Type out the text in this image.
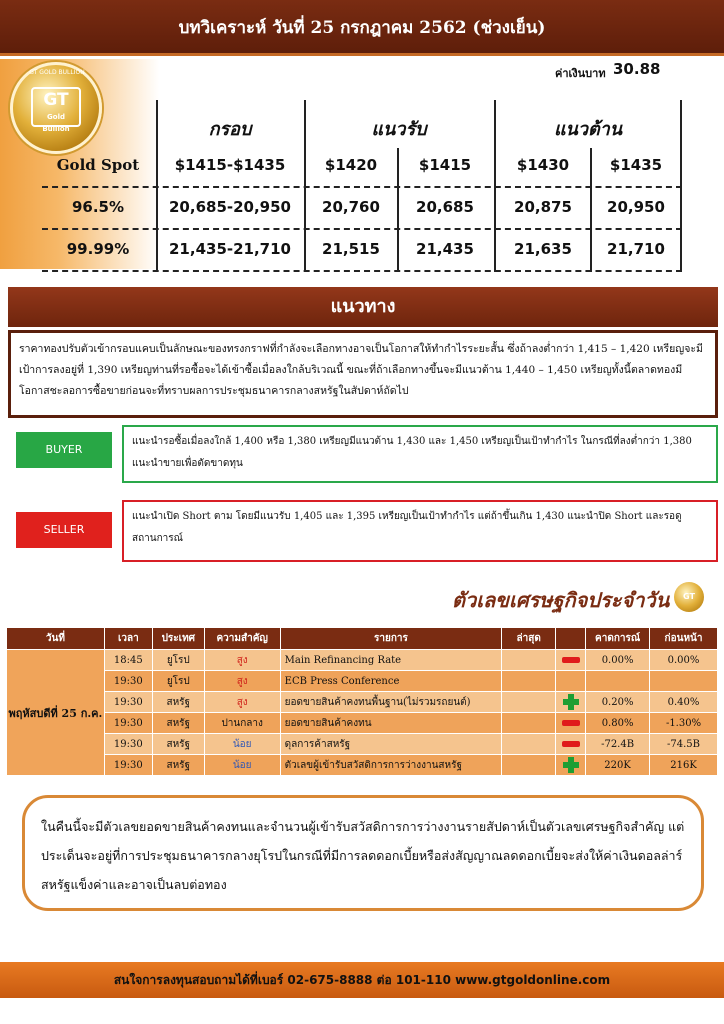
บทวิเคราะห์ วันที่ 25 กรกฎาคม 2562 (ช่วงเย็น)
GT GOLD BULLION
GT
Gold Bullion
ค่าเงินบาท 30.88
กรอบ	แนวรับ	แนวต้าน
Gold Spot	$1415-$1435	$1420	$1415	$1430	$1435
96.5%	20,685-20,950	20,760	20,685	20,875	20,950
99.99%	21,435-21,710	21,515	21,435	21,635	21,710
แนวทาง
ราคาทองปรับตัวเข้ากรอบแคบเป็นลักษณะของทรงกราฟที่กำลังจะเลือกทางอาจเป็นโอกาสให้ทำกำไรระยะสั้น ซึ่งถ้าลงต่ำกว่า 1,415 – 1,420 เหรียญจะมีเป้าการลงอยู่ที่ 1,390 เหรียญท่านที่รอซื้อจะได้เข้าซื้อเมื่อลงใกล้บริเวณนี้ ขณะที่ถ้าเลือกทางขึ้นจะมีแนวต้าน 1,440 – 1,450 เหรียญทั้งนี้ตลาดทองมีโอกาสชะลอการซื้อขายก่อนจะที่ทราบผลการประชุมธนาคารกลางสหรัฐในสัปดาห์ถัดไป
BUYER
แนะนำรอซื้อเมื่อลงใกล้ 1,400 หรือ 1,380 เหรียญมีแนวต้าน 1,430 และ 1,450 เหรียญเป็นเป้าทำกำไร ในกรณีที่ลงต่ำกว่า 1,380 แนะนำขายเพื่อตัดขาดทุน
SELLER
แนะนำเปิด Short ตาม โดยมีแนวรับ 1,405 และ 1,395 เหรียญเป็นเป้าทำกำไร แต่ถ้าขึ้นเกิน 1,430 แนะนำปิด Short และรอดูสถานการณ์
ตัวเลขเศรษฐกิจประจำวัน	GT
วันที่	เวลา	ประเทศ	ความสำคัญ	รายการ	ล่าสุด		คาดการณ์	ก่อนหน้า
พฤหัสบดีที่ 25 ก.ค.	18:45	ยูโรป	สูง	Main Refinancing Rate			0.00%	0.00%
	19:30	ยูโรป	สูง	ECB Press Conference				
	19:30	สหรัฐ	สูง	ยอดขายสินค้าคงทนพื้นฐาน(ไม่รวมรถยนต์)			0.20%	0.40%
	19:30	สหรัฐ	ปานกลาง	ยอดขายสินค้าคงทน			0.80%	-1.30%
	19:30	สหรัฐ	น้อย	ดุลการค้าสหรัฐ			-72.4B	-74.5B
	19:30	สหรัฐ	น้อย	ตัวเลขผู้เข้ารับสวัสดิการการว่างงานสหรัฐ			220K	216K
ในคืนนี้จะมีตัวเลขยอดขายสินค้าคงทนและจำนวนผู้เข้ารับสวัสดิการการว่างงานรายสัปดาห์เป็นตัวเลขเศรษฐกิจสำคัญ แต่ประเด็นจะอยู่ที่การประชุมธนาคารกลางยุโรปในกรณีที่มีการลดดอกเบี้ยหรือส่งสัญญาณลดดอกเบี้ยจะส่งให้ค่าเงินดอลล่าร์สหรัฐแข็งค่าและอาจเป็นลบต่อทอง
สนใจการลงทุนสอบถามได้ที่เบอร์ 02-675-8888 ต่อ 101-110 www.gtgoldonline.com
